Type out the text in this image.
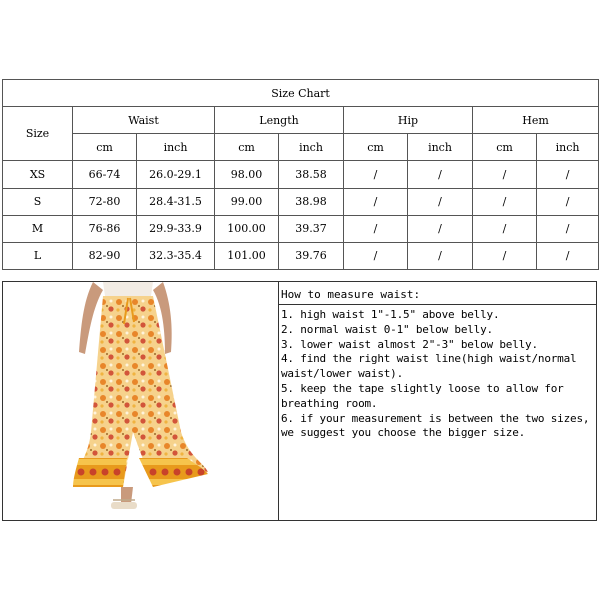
Size Chart								
Size	Waist		Length		Hip		Hem	
	cm	inch	cm	inch	cm	inch	cm	inch
XS	66-74	26.0-29.1	98.00	38.58	/	/	/	/
S	72-80	28.4-31.5	99.00	38.98	/	/	/	/
M	76-86	29.9-33.9	100.00	39.37	/	/	/	/
L	82-90	32.3-35.4	101.00	39.76	/	/	/	/
How to measure waist:
1. high waist 1"-1.5" above belly.
2. normal waist 0-1" below belly.
3. lower waist almost 2"-3" below belly.
4. find the right waist line(high waist/normal waist/lower waist).
5. keep the tape slightly loose to allow for breathing room.
6. if your measurement is between the two sizes, we suggest you choose the bigger size.
